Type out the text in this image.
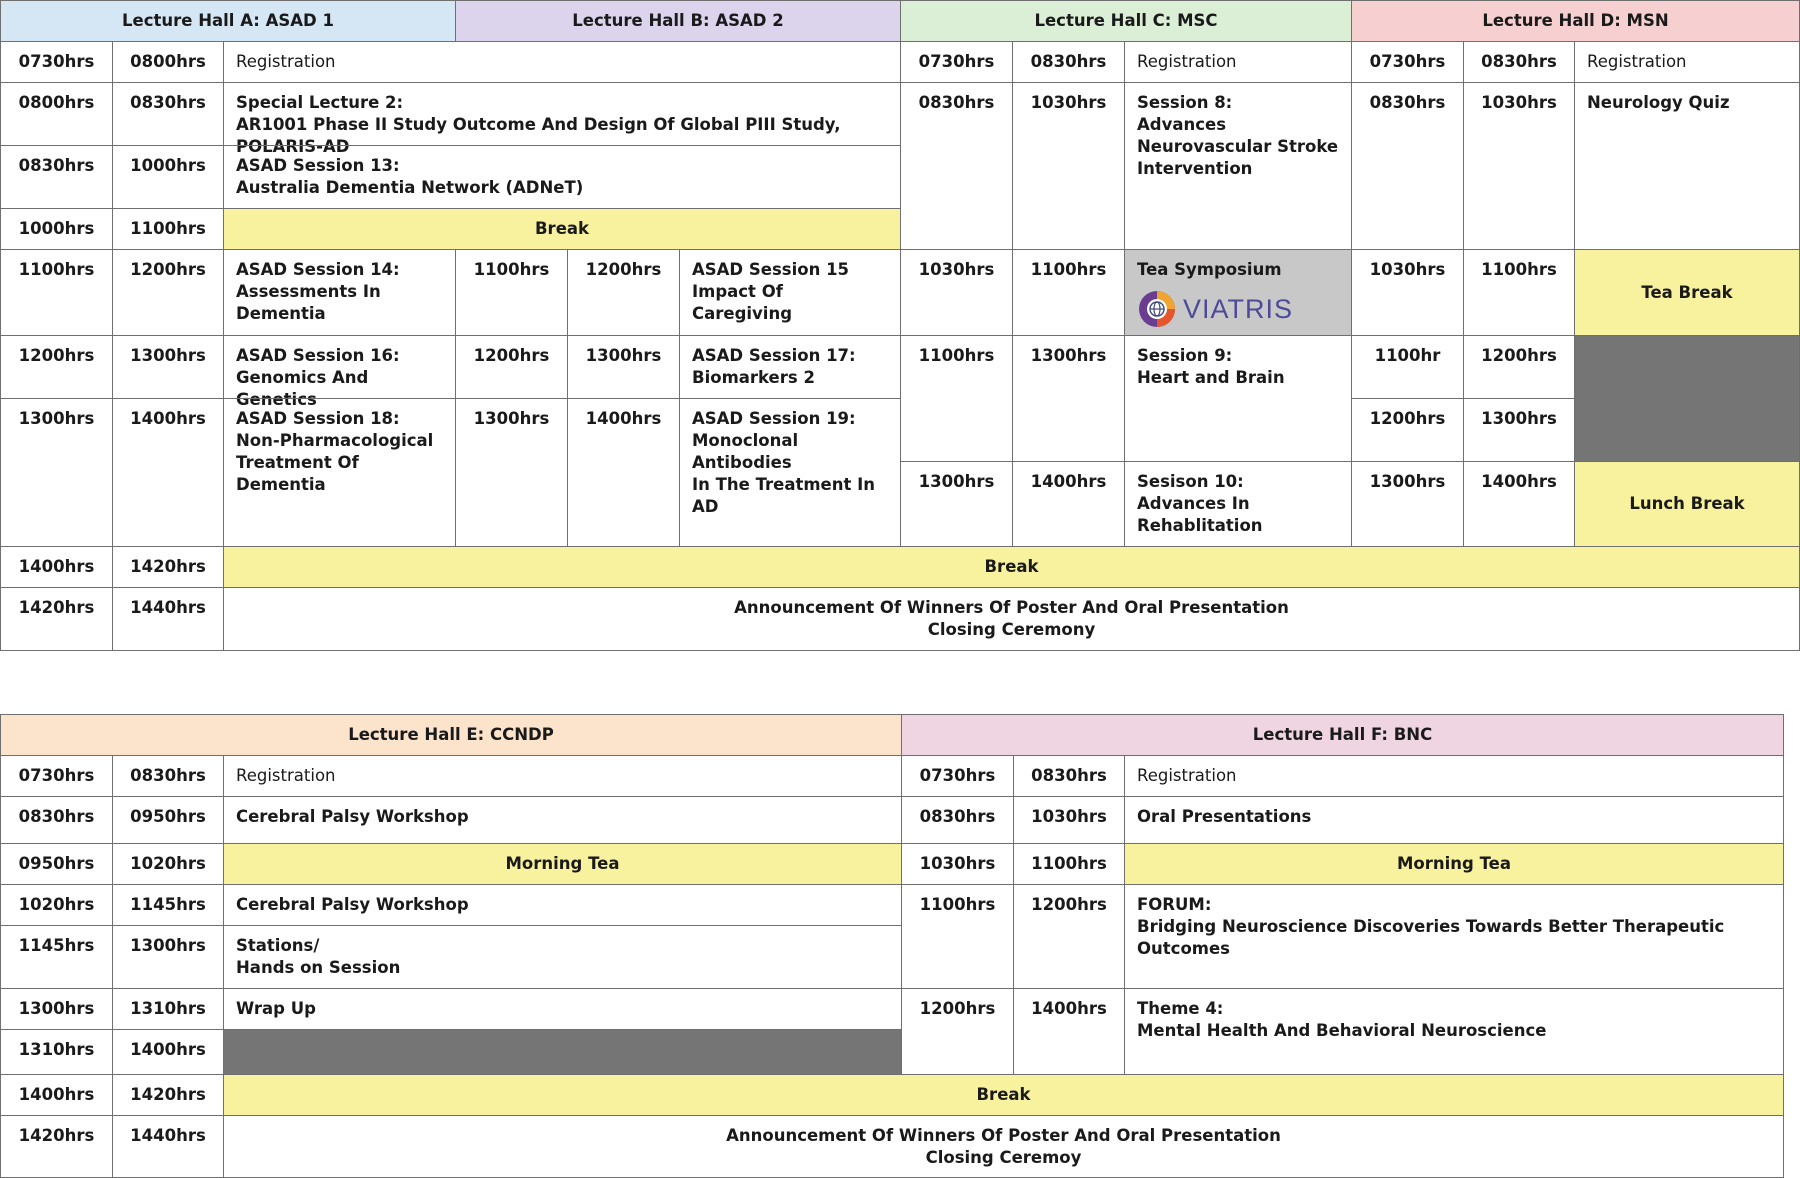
Lecture Hall A: ASAD 1	Lecture Hall B: ASAD 2	Lecture Hall C: MSC	Lecture Hall D: MSN
0730hrs	0800hrs	Registration
0800hrs	0830hrs	Special Lecture 2:
AR1001 Phase II Study Outcome And Design Of Global PIII Study, POLARIS-AD
0830hrs	1000hrs	ASAD Session 13:
Australia Dementia Network (ADNeT)
1000hrs	1100hrs	Break
1100hrs	1200hrs	ASAD Session 14:
Assessments In
Dementia
1200hrs	1300hrs	ASAD Session 16:
Genomics And Genetics
1300hrs	1400hrs	ASAD Session 18:
Non-Pharmacological
Treatment Of Dementia
1100hrs	1200hrs	ASAD Session 15
Impact Of Caregiving
1200hrs	1300hrs	ASAD Session 17:
Biomarkers 2
1300hrs	1400hrs	ASAD Session 19:
Monoclonal Antibodies
In The Treatment In AD
0730hrs	0830hrs	Registration
0830hrs	1030hrs	Session 8:
Advances
Neurovascular Stroke
Intervention
1030hrs	1100hrs	Tea Symposium
VIATRIS
1100hrs	1300hrs	Session 9:
Heart and Brain
1300hrs	1400hrs	Sesison 10:
Advances In
Rehablitation
0730hrs	0830hrs	Registration
0830hrs	1030hrs	Neurology Quiz
1030hrs	1100hrs
Tea Break
1100hr	1200hrs
1200hrs	1300hrs
1300hrs	1400hrs
Lunch Break
1400hrs	1420hrs	Break
1420hrs	1440hrs	Announcement Of Winners Of Poster And Oral Presentation
Closing Ceremony
Lecture Hall E: CCNDP	Lecture Hall F: BNC
0730hrs	0830hrs	Registration
0830hrs	0950hrs	Cerebral Palsy Workshop
0950hrs	1020hrs	Morning Tea
1020hrs	1145hrs	Cerebral Palsy Workshop
1145hrs	1300hrs	Stations/
Hands on Session
1300hrs	1310hrs	Wrap Up
1310hrs	1400hrs
0730hrs	0830hrs	Registration
0830hrs	1030hrs	Oral Presentations
1030hrs	1100hrs	Morning Tea
1100hrs	1200hrs	FORUM:
Bridging Neuroscience Discoveries Towards Better Therapeutic Outcomes
1200hrs	1400hrs	Theme 4:
Mental Health And Behavioral Neuroscience
1400hrs	1420hrs	Break
1420hrs	1440hrs	Announcement Of Winners Of Poster And Oral Presentation
Closing Ceremoy
